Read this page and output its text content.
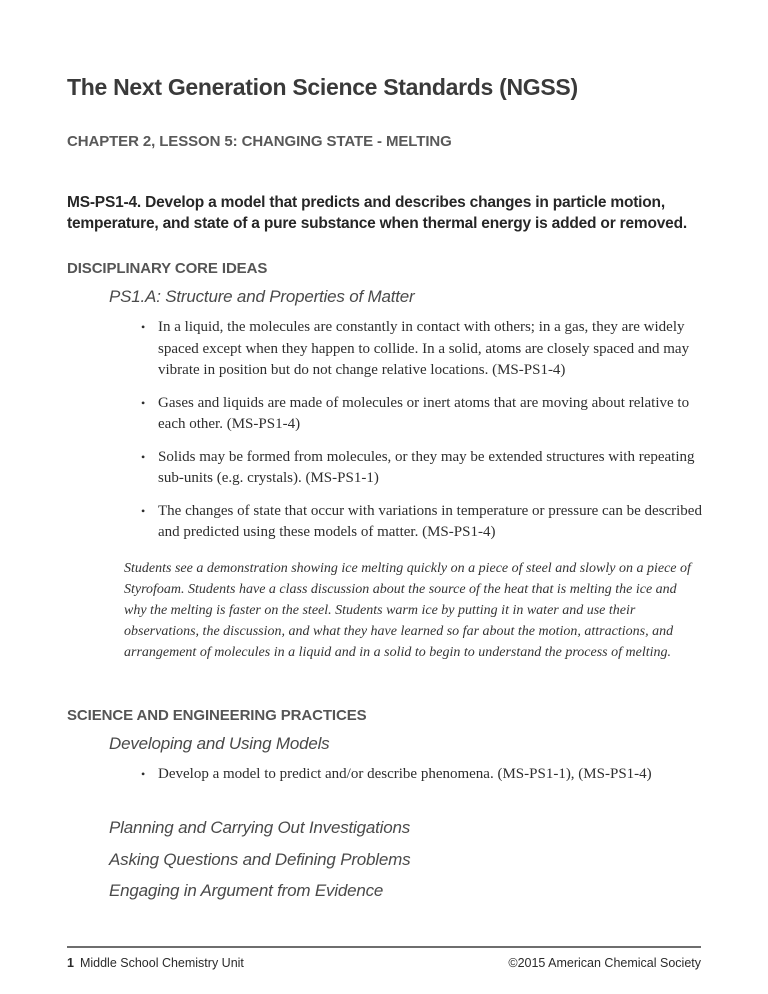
The Next Generation Science Standards (NGSS)
CHAPTER 2, LESSON 5: CHANGING STATE - MELTING
MS-PS1-4. Develop a model that predicts and describes changes in particle motion, temperature, and state of a pure substance when thermal energy is added or removed.
DISCIPLINARY CORE IDEAS
PS1.A: Structure and Properties of Matter
• In a liquid, the molecules are constantly in contact with others; in a gas, they are widely spaced except when they happen to collide. In a solid, atoms are closely spaced and may vibrate in position but do not change relative locations. (MS-PS1-4)
• Gases and liquids are made of molecules or inert atoms that are moving about relative to each other. (MS-PS1-4)
• Solids may be formed from molecules, or they may be extended structures with repeating sub-units (e.g. crystals). (MS-PS1-1)
• The changes of state that occur with variations in temperature or pressure can be described and predicted using these models of matter. (MS-PS1-4)
Students see a demonstration showing ice melting quickly on a piece of steel and slowly on a piece of Styrofoam. Students have a class discussion about the source of the heat that is melting the ice and why the melting is faster on the steel. Students warm ice by putting it in water and use their observations, the discussion, and what they have learned so far about the motion, attractions, and arrangement of molecules in a liquid and in a solid to begin to understand the process of melting.
SCIENCE AND ENGINEERING PRACTICES
Developing and Using Models
• Develop a model to predict and/or describe phenomena. (MS-PS1-1), (MS-PS1-4)
Planning and Carrying Out Investigations
Asking Questions and Defining Problems
Engaging in Argument from Evidence
1 Middle School Chemistry Unit	©2015 American Chemical Society
